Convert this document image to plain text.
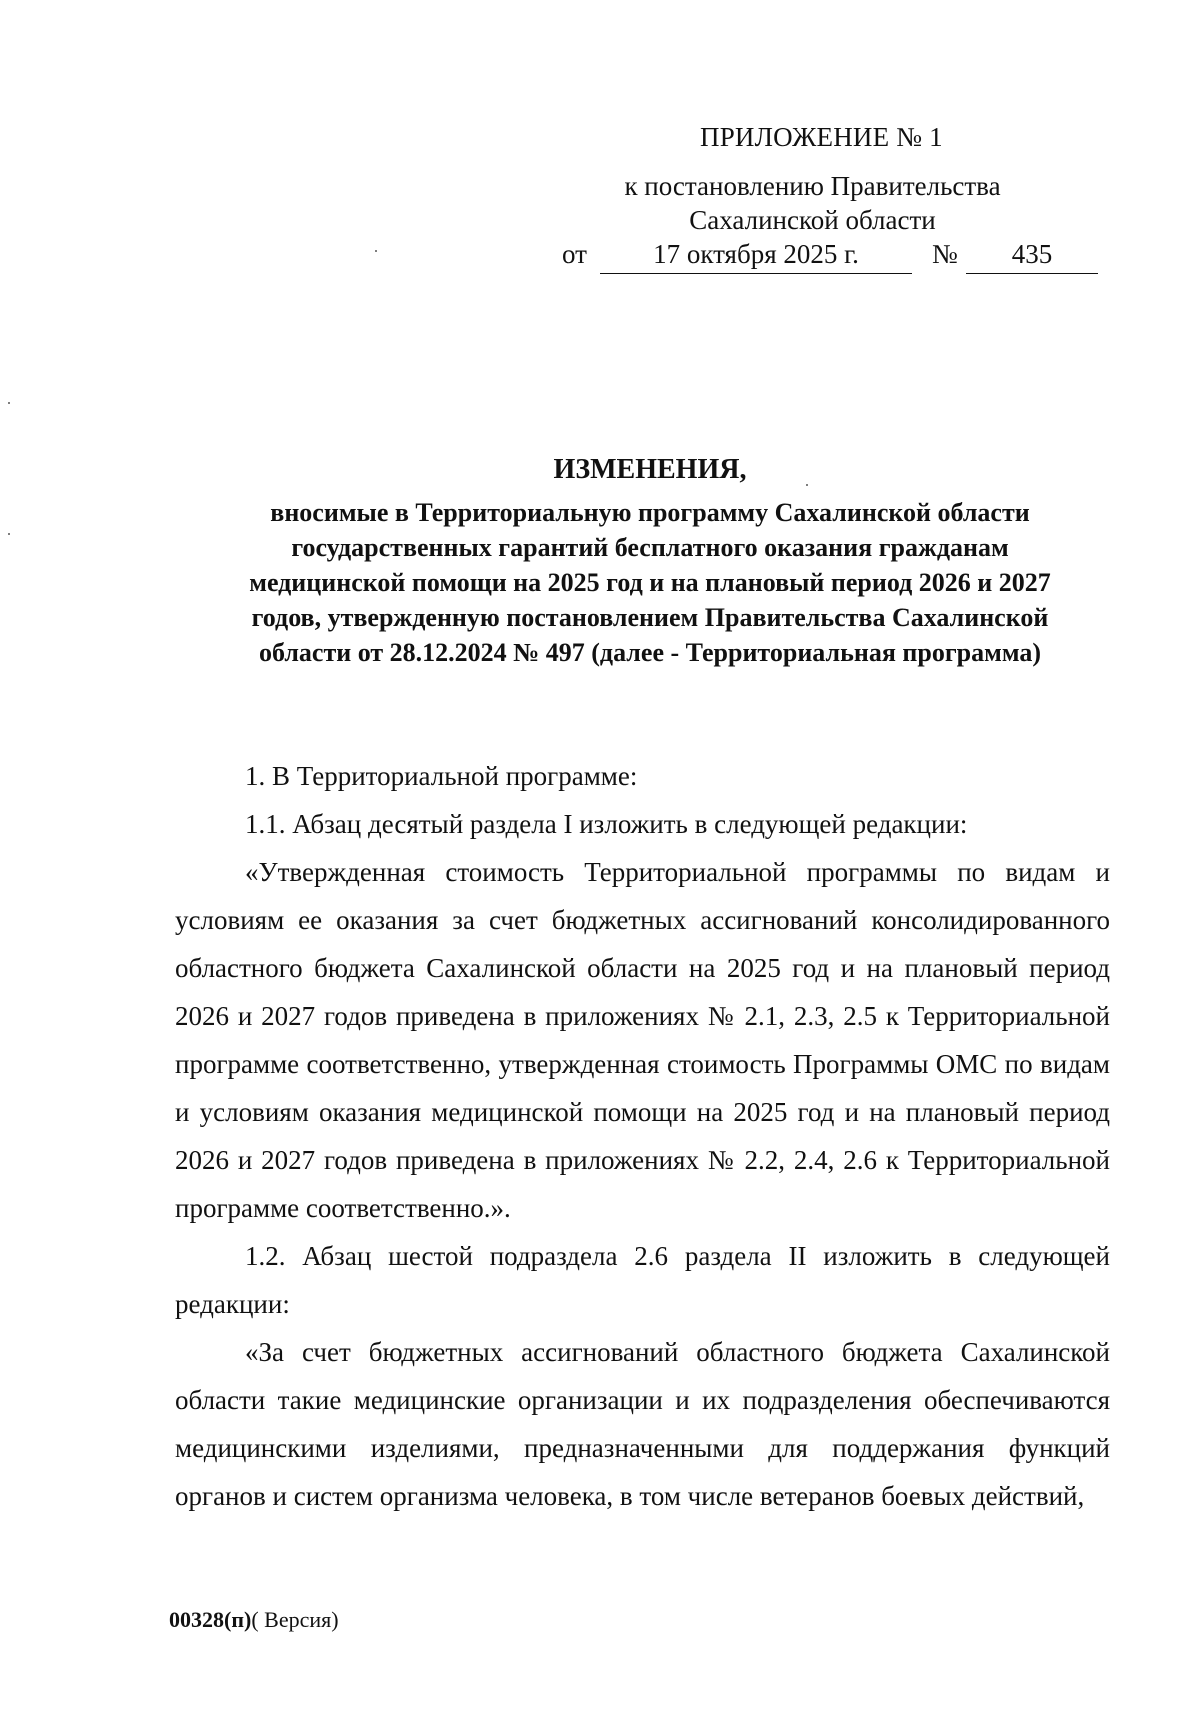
ПРИЛОЖЕНИЕ № 1
к постановлению Правительства
Сахалинской области
от	17 октября 2025 г.	№	435
ИЗМЕНЕНИЯ,
вносимые в Территориальную программу Сахалинской области
государственных гарантий бесплатного оказания гражданам
медицинской помощи на 2025 год и на плановый период 2026 и 2027
годов, утвержденную постановлением Правительства Сахалинской
области от 28.12.2024 № 497 (далее - Территориальная программа)

1. В Территориальной программе:

1.1. Абзац десятый раздела I изложить в следующей редакции:

«Утвержденная стоимость Территориальной программы по видам и условиям ее оказания за счет бюджетных ассигнований консолидированного областного бюджета Сахалинской области на 2025 год и на плановый период 2026 и 2027 годов приведена в приложениях № 2.1, 2.3, 2.5 к Территориальной программе соответственно, утвержденная стоимость Программы ОМС по видам и условиям оказания медицинской помощи на 2025 год и на плановый период 2026 и 2027 годов приведена в приложениях № 2.2, 2.4, 2.6 к Территориальной программе соответственно.».

1.2. Абзац шестой подраздела 2.6 раздела II изложить в следующей редакции:

«За счет бюджетных ассигнований областного бюджета Сахалинской области такие медицинские организации и их подразделения обеспечиваются медицинскими изделиями, предназначенными для поддержания функций органов и систем организма человека, в том числе ветеранов боевых действий,

00328(п)( Версия)
